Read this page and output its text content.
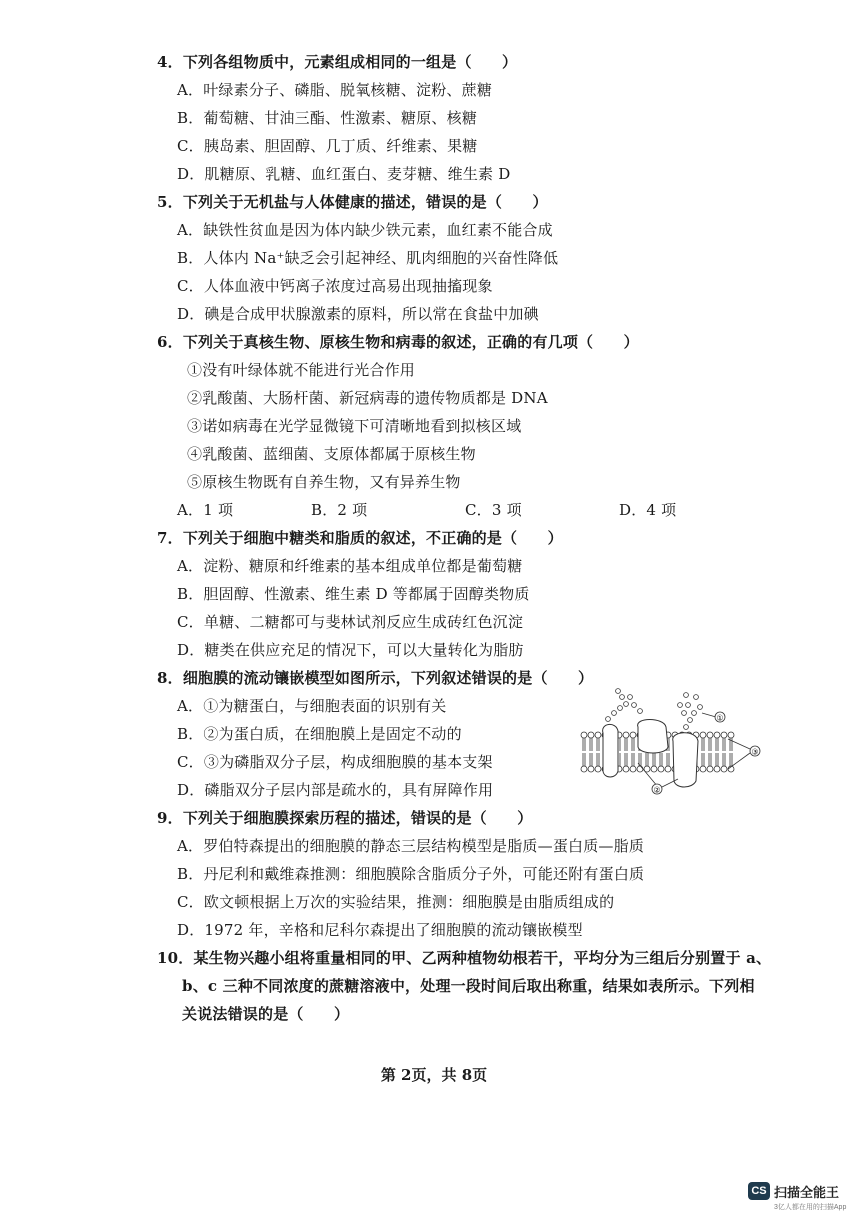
4．下列各组物质中，元素组成相同的一组是（　　）
A．叶绿素分子、磷脂、脱氧核糖、淀粉、蔗糖
B．葡萄糖、甘油三酯、性激素、糖原、核糖
C．胰岛素、胆固醇、几丁质、纤维素、果糖
D．肌糖原、乳糖、血红蛋白、麦芽糖、维生素 D
5．下列关于无机盐与人体健康的描述，错误的是（　　）
A．缺铁性贫血是因为体内缺少铁元素，血红素不能合成
B．人体内 Na⁺缺乏会引起神经、肌肉细胞的兴奋性降低
C．人体血液中钙离子浓度过高易出现抽搐现象
D．碘是合成甲状腺激素的原料，所以常在食盐中加碘
6．下列关于真核生物、原核生物和病毒的叙述，正确的有几项（　　）
①没有叶绿体就不能进行光合作用
②乳酸菌、大肠杆菌、新冠病毒的遗传物质都是 DNA
③诺如病毒在光学显微镜下可清晰地看到拟核区域
④乳酸菌、蓝细菌、支原体都属于原核生物
⑤原核生物既有自养生物，又有异养生物
A．1 项	B．2 项	C．3 项	D．4 项
7．下列关于细胞中糖类和脂质的叙述，不正确的是（　　）
A．淀粉、糖原和纤维素的基本组成单位都是葡萄糖
B．胆固醇、性激素、维生素 D 等都属于固醇类物质
C．单糖、二糖都可与斐林试剂反应生成砖红色沉淀
D．糖类在供应充足的情况下，可以大量转化为脂肪
8．细胞膜的流动镶嵌模型如图所示，下列叙述错误的是（　　）
A．①为糖蛋白，与细胞表面的识别有关
B．②为蛋白质，在细胞膜上是固定不动的
C．③为磷脂双分子层，构成细胞膜的基本支架
D．磷脂双分子层内部是疏水的，具有屏障作用
①
②
③
9．下列关于细胞膜探索历程的描述，错误的是（　　）
A．罗伯特森提出的细胞膜的静态三层结构模型是脂质—蛋白质—脂质
B．丹尼利和戴维森推测：细胞膜除含脂质分子外，可能还附有蛋白质
C．欧文顿根据上万次的实验结果，推测：细胞膜是由脂质组成的
D．1972 年，辛格和尼科尔森提出了细胞膜的流动镶嵌模型
10．某生物兴趣小组将重量相同的甲、乙两种植物幼根若干，平均分为三组后分别置于 a、
b、c 三种不同浓度的蔗糖溶液中，处理一段时间后取出称重，结果如表所示。下列相
关说法错误的是（　　）
第 2页，共 8页
CS 扫描全能王
3亿人都在用的扫描App
